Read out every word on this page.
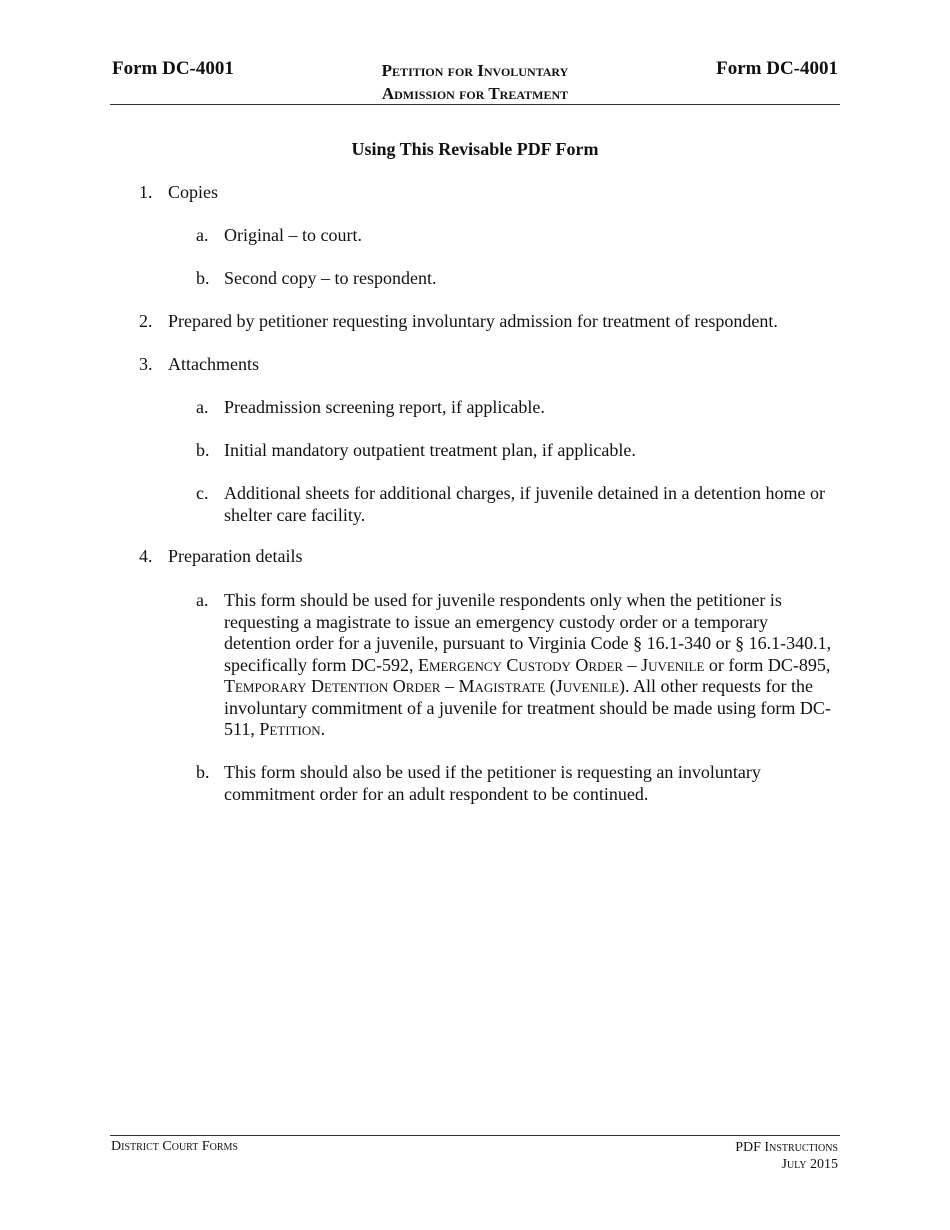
Form DC-4001	Petition for Involuntary
Admission for Treatment
Form DC-4001
Using This Revisable PDF Form
1. Copies
a. Original – to court.
b. Second copy – to respondent.
2. Prepared by petitioner requesting involuntary admission for treatment of respondent.
3. Attachments
a. Preadmission screening report, if applicable.
b. Initial mandatory outpatient treatment plan, if applicable.
c. Additional sheets for additional charges, if juvenile detained in a detention home or shelter care facility.
4. Preparation details
a. This form should be used for juvenile respondents only when the petitioner is requesting a magistrate to issue an emergency custody order or a temporary detention order for a juvenile, pursuant to Virginia Code § 16.1-340 or § 16.1-340.1, specifically form DC-592, Emergency Custody Order – Juvenile or form DC-895, Temporary Detention Order – Magistrate (Juvenile). All other requests for the involuntary commitment of a juvenile for treatment should be made using form DC-511, Petition.
b. This form should also be used if the petitioner is requesting an involuntary commitment order for an adult respondent to be continued.
District Court Forms	PDF Instructions
July 2015
